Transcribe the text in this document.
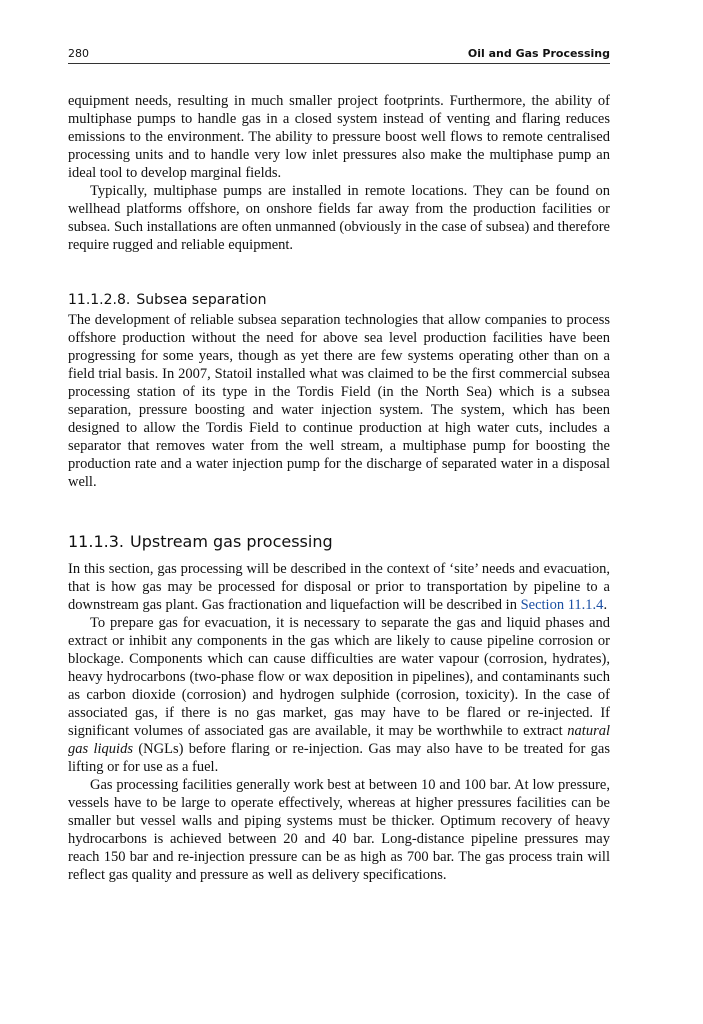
280	Oil and Gas Processing

equipment needs, resulting in much smaller project footprints. Furthermore, the ability of multiphase pumps to handle gas in a closed system instead of venting and flaring reduces emissions to the environment. The ability to pressure boost well flows to remote centralised processing units and to handle very low inlet pressures also make the multiphase pump an ideal tool to develop marginal fields.

Typically, multiphase pumps are installed in remote locations. They can be found on wellhead platforms offshore, on onshore fields far away from the production facilities or subsea. Such installations are often unmanned (obviously in the case of subsea) and therefore require rugged and reliable equipment.

11.1.2.8. Subsea separation

The development of reliable subsea separation technologies that allow companies to process offshore production without the need for above sea level production facilities have been progressing for some years, though as yet there are few systems operating other than on a field trial basis. In 2007, Statoil installed what was claimed to be the first commercial subsea processing station of its type in the Tordis Field (in the North Sea) which is a subsea separation, pressure boosting and water injection system. The system, which has been designed to allow the Tordis Field to continue production at high water cuts, includes a separator that removes water from the well stream, a multiphase pump for boosting the production rate and a water injection pump for the discharge of separated water in a disposal well.

11.1.3. Upstream gas processing

In this section, gas processing will be described in the context of ‘site’ needs and evacuation, that is how gas may be processed for disposal or prior to transportation by pipeline to a downstream gas plant. Gas fractionation and liquefaction will be described in Section 11.1.4.

To prepare gas for evacuation, it is necessary to separate the gas and liquid phases and extract or inhibit any components in the gas which are likely to cause pipeline corrosion or blockage. Components which can cause difficulties are water vapour (corrosion, hydrates), heavy hydrocarbons (two-phase flow or wax deposition in pipelines), and contaminants such as carbon dioxide (corrosion) and hydrogen sulphide (corrosion, toxicity). In the case of associated gas, if there is no gas market, gas may have to be flared or re-injected. If significant volumes of associated gas are available, it may be worthwhile to extract natural gas liquids (NGLs) before flaring or re-injection. Gas may also have to be treated for gas lifting or for use as a fuel.

Gas processing facilities generally work best at between 10 and 100 bar. At low pressure, vessels have to be large to operate effectively, whereas at higher pressures facilities can be smaller but vessel walls and piping systems must be thicker. Optimum recovery of heavy hydrocarbons is achieved between 20 and 40 bar. Long-distance pipeline pressures may reach 150 bar and re-injection pressure can be as high as 700 bar. The gas process train will reflect gas quality and pressure as well as delivery specifications.
